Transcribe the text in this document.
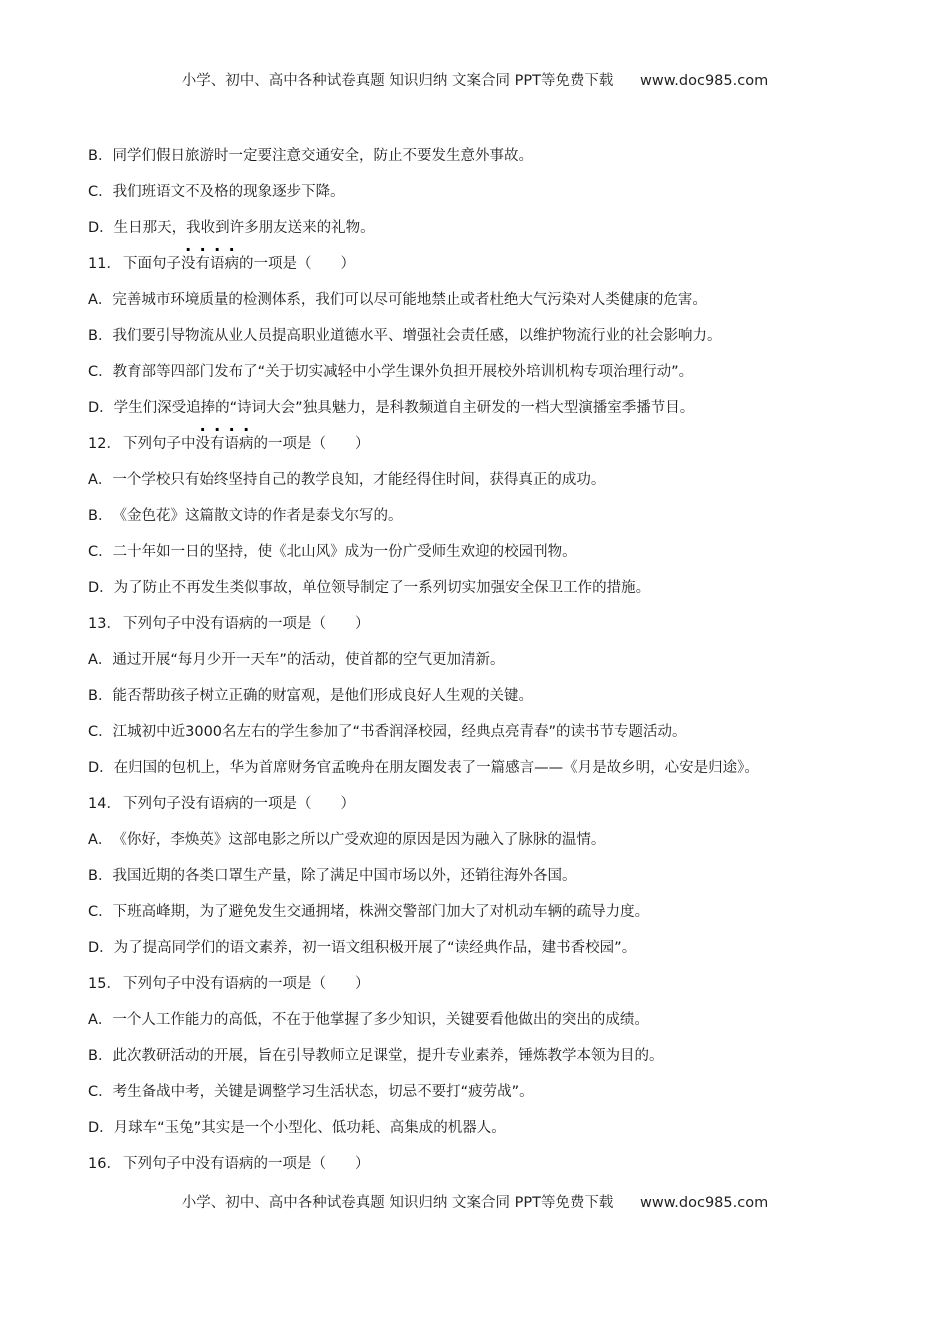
小学、初中、高中各种试卷真题 知识归纳 文案合同 PPT等免费下载 www.doc985.com
B．同学们假日旅游时一定要注意交通安全，防止不要发生意外事故。
C．我们班语文不及格的现象逐步下降。
D．生日那天，我收到许多朋友送来的礼物。
11． 下面句子没有语病的一项是（　　）
A．完善城市环境质量的检测体系，我们可以尽可能地禁止或者杜绝大气污染对人类健康的危害。
B．我们要引导物流从业人员提高职业道德水平、增强社会责任感，以维护物流行业的社会影响力。
C．教育部等四部门发布了“关于切实减轻中小学生课外负担开展校外培训机构专项治理行动”。
D．学生们深受追捧的“诗词大会”独具魅力，是科教频道自主研发的一档大型演播室季播节目。
12． 下列句子中没有语病的一项是（　　）
A．一个学校只有始终坚持自己的教学良知，才能经得住时间，获得真正的成功。
B．《金色花》这篇散文诗的作者是泰戈尔写的。
C．二十年如一日的坚持，使《北山风》成为一份广受师生欢迎的校园刊物。
D．为了防止不再发生类似事故，单位领导制定了一系列切实加强安全保卫工作的措施。
13． 下列句子中没有语病的一项是（　　）
A．通过开展“每月少开一天车”的活动，使首都的空气更加清新。
B．能否帮助孩子树立正确的财富观，是他们形成良好人生观的关键。
C．江城初中近3000名左右的学生参加了“书香润泽校园，经典点亮青春”的读书节专题活动。
D．在归国的包机上，华为首席财务官孟晚舟在朋友圈发表了一篇感言——《月是故乡明，心安是归途》。
14． 下列句子没有语病的一项是（　　）
A．《你好，李焕英》这部电影之所以广受欢迎的原因是因为融入了脉脉的温情。
B．我国近期的各类口罩生产量，除了满足中国市场以外，还销往海外各国。
C．下班高峰期，为了避免发生交通拥堵，株洲交警部门加大了对机动车辆的疏导力度。
D．为了提高同学们的语文素养，初一语文组积极开展了“读经典作品，建书香校园”。
15． 下列句子中没有语病的一项是（　　）
A．一个人工作能力的高低，不在于他掌握了多少知识，关键要看他做出的突出的成绩。
B．此次教研活动的开展，旨在引导教师立足课堂，提升专业素养，锤炼教学本领为目的。
C．考生备战中考，关键是调整学习生活状态，切忌不要打“疲劳战”。
D．月球车“玉兔”其实是一个小型化、低功耗、高集成的机器人。
16． 下列句子中没有语病的一项是（　　）
小学、初中、高中各种试卷真题 知识归纳 文案合同 PPT等免费下载 www.doc985.com
